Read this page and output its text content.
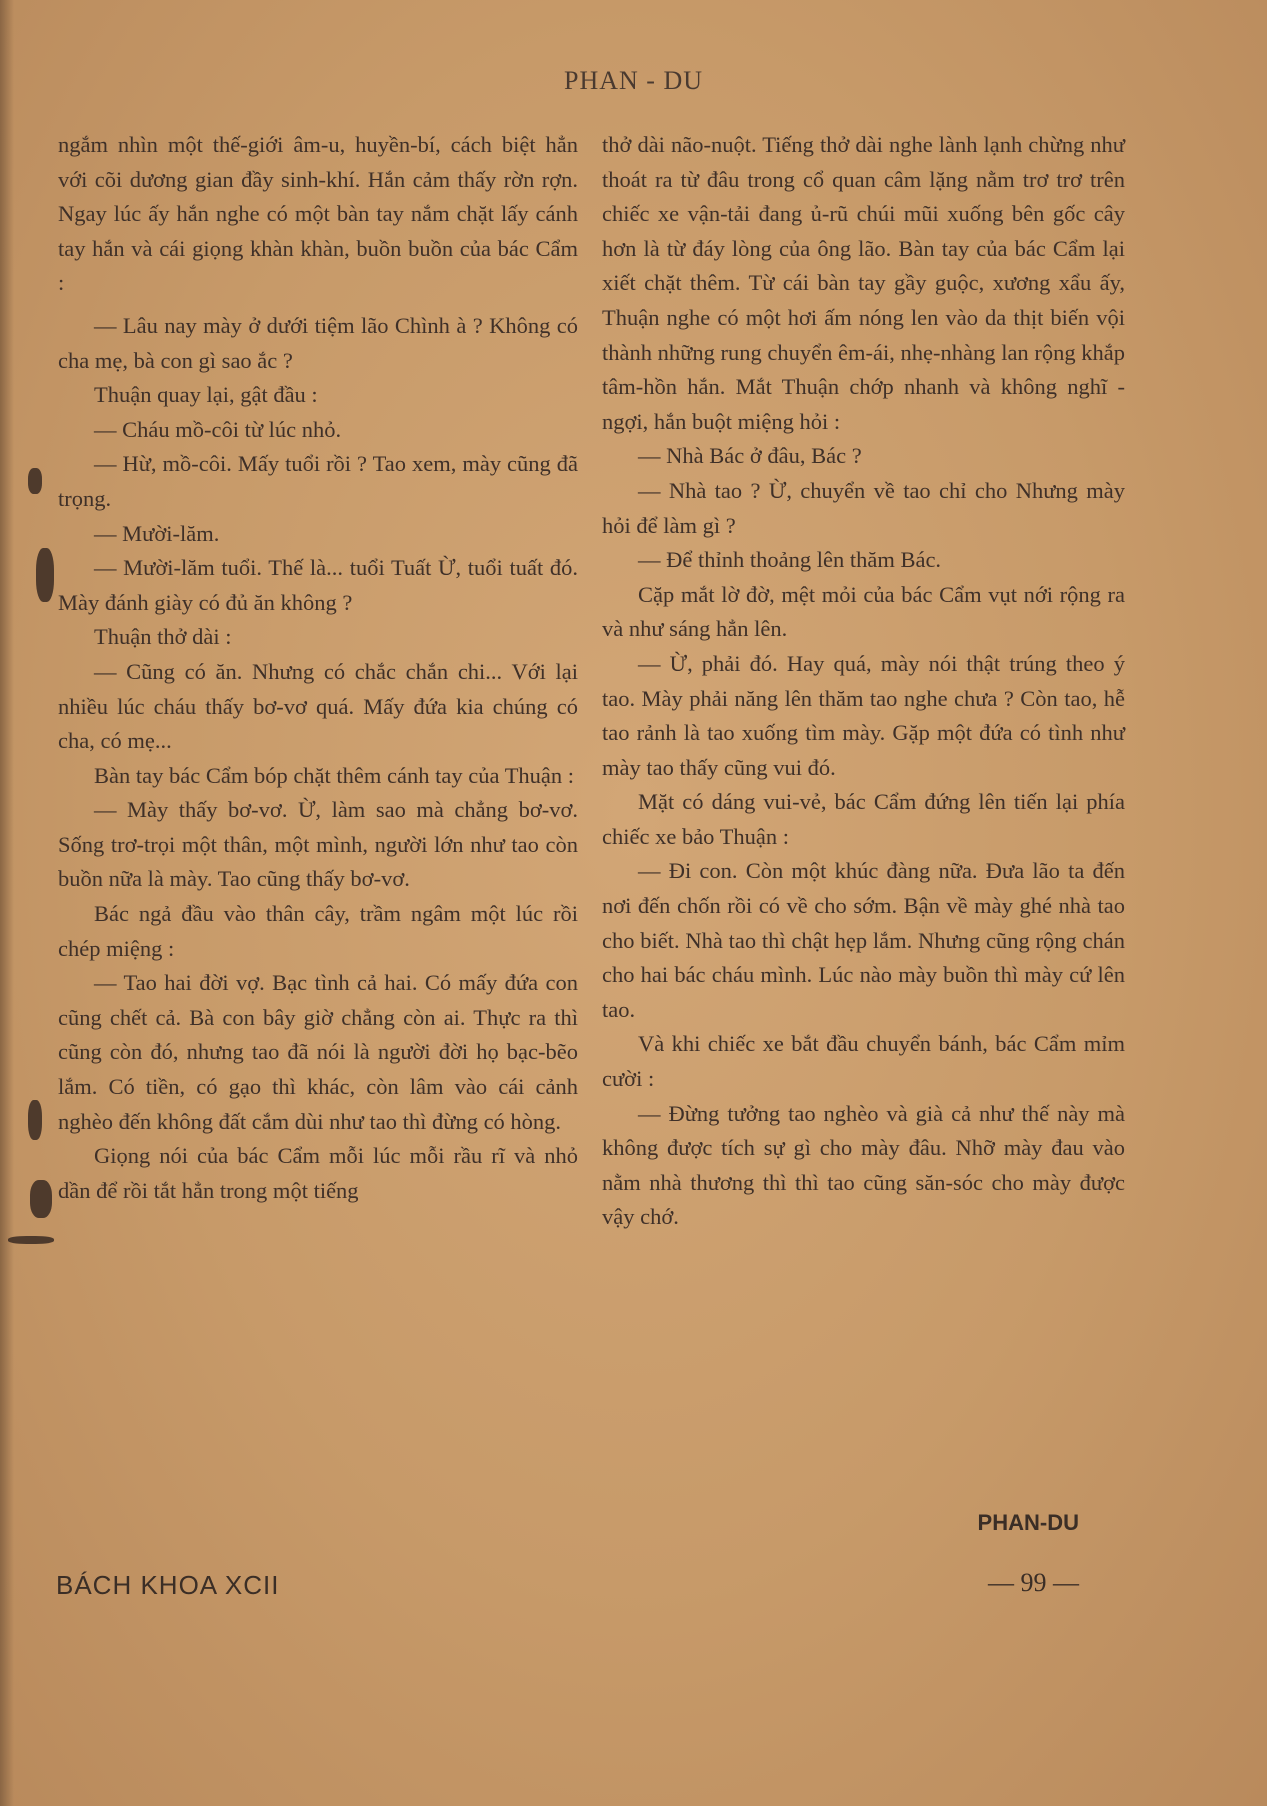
PHAN - DU

ngắm nhìn một thế-giới âm-u, huyền-bí, cách biệt hẳn với cõi dương gian đầy sinh-khí. Hắn cảm thấy rờn rợn. Ngay lúc ấy hắn nghe có một bàn tay nắm chặt lấy cánh tay hắn và cái giọng khàn khàn, buồn buồn của bác Cẩm :

— Lâu nay mày ở dưới tiệm lão Chình à ? Không có cha mẹ, bà con gì sao ắc ?

Thuận quay lại, gật đầu :

— Cháu mồ-côi từ lúc nhỏ.

— Hừ, mồ-côi. Mấy tuổi rồi ? Tao xem, mày cũng đã trọng.

— Mười-lăm.

— Mười-lăm tuổi. Thế là... tuổi Tuất Ừ, tuổi tuất đó. Mày đánh giày có đủ ăn không ?

Thuận thở dài :

— Cũng có ăn. Nhưng có chắc chắn chi... Với lại nhiều lúc cháu thấy bơ-vơ quá. Mấy đứa kia chúng có cha, có mẹ...

Bàn tay bác Cẩm bóp chặt thêm cánh tay của Thuận :

— Mày thấy bơ-vơ. Ừ, làm sao mà chẳng bơ-vơ. Sống trơ-trọi một thân, một mình, người lớn như tao còn buồn nữa là mày. Tao cũng thấy bơ-vơ.

Bác ngả đầu vào thân cây, trầm ngâm một lúc rồi chép miệng :

— Tao hai đời vợ. Bạc tình cả hai. Có mấy đứa con cũng chết cả. Bà con bây giờ chẳng còn ai. Thực ra thì cũng còn đó, nhưng tao đã nói là người đời họ bạc-bẽo lắm. Có tiền, có gạo thì khác, còn lâm vào cái cảnh nghèo đến không đất cắm dùi như tao thì đừng có hòng.

Giọng nói của bác Cẩm mỗi lúc mỗi rầu rĩ và nhỏ dần để rồi tắt hẳn trong một tiếng

thở dài não-nuột. Tiếng thở dài nghe lành lạnh chừng như thoát ra từ đâu trong cổ quan câm lặng nằm trơ trơ trên chiếc xe vận-tải đang ủ-rũ chúi mũi xuống bên gốc cây hơn là từ đáy lòng của ông lão. Bàn tay của bác Cẩm lại xiết chặt thêm. Từ cái bàn tay gầy guộc, xương xẩu ấy, Thuận nghe có một hơi ấm nóng len vào da thịt biến vội thành những rung chuyển êm-ái, nhẹ-nhàng lan rộng khắp tâm-hồn hắn. Mắt Thuận chớp nhanh và không nghĩ - ngợi, hắn buột miệng hỏi :

— Nhà Bác ở đâu, Bác ?

— Nhà tao ? Ừ, chuyển về tao chỉ cho Nhưng mày hỏi để làm gì ?

— Để thỉnh thoảng lên thăm Bác.

Cặp mắt lờ đờ, mệt mỏi của bác Cẩm vụt nới rộng ra và như sáng hẳn lên.

— Ừ, phải đó. Hay quá, mày nói thật trúng theo ý tao. Mày phải năng lên thăm tao nghe chưa ? Còn tao, hễ tao rảnh là tao xuống tìm mày. Gặp một đứa có tình như mày tao thấy cũng vui đó.

Mặt có dáng vui-vẻ, bác Cẩm đứng lên tiến lại phía chiếc xe bảo Thuận :

— Đi con. Còn một khúc đàng nữa. Đưa lão ta đến nơi đến chốn rồi có về cho sớm. Bận về mày ghé nhà tao cho biết. Nhà tao thì chật hẹp lắm. Nhưng cũng rộng chán cho hai bác cháu mình. Lúc nào mày buồn thì mày cứ lên tao.

Và khi chiếc xe bắt đầu chuyển bánh, bác Cẩm mỉm cười :

— Đừng tưởng tao nghèo và già cả như thế này mà không được tích sự gì cho mày đâu. Nhỡ mày đau vào nằm nhà thương thì thì tao cũng săn-sóc cho mày được vậy chớ.

PHAN-DU
BÁCH KHOA XCII	— 99 —
